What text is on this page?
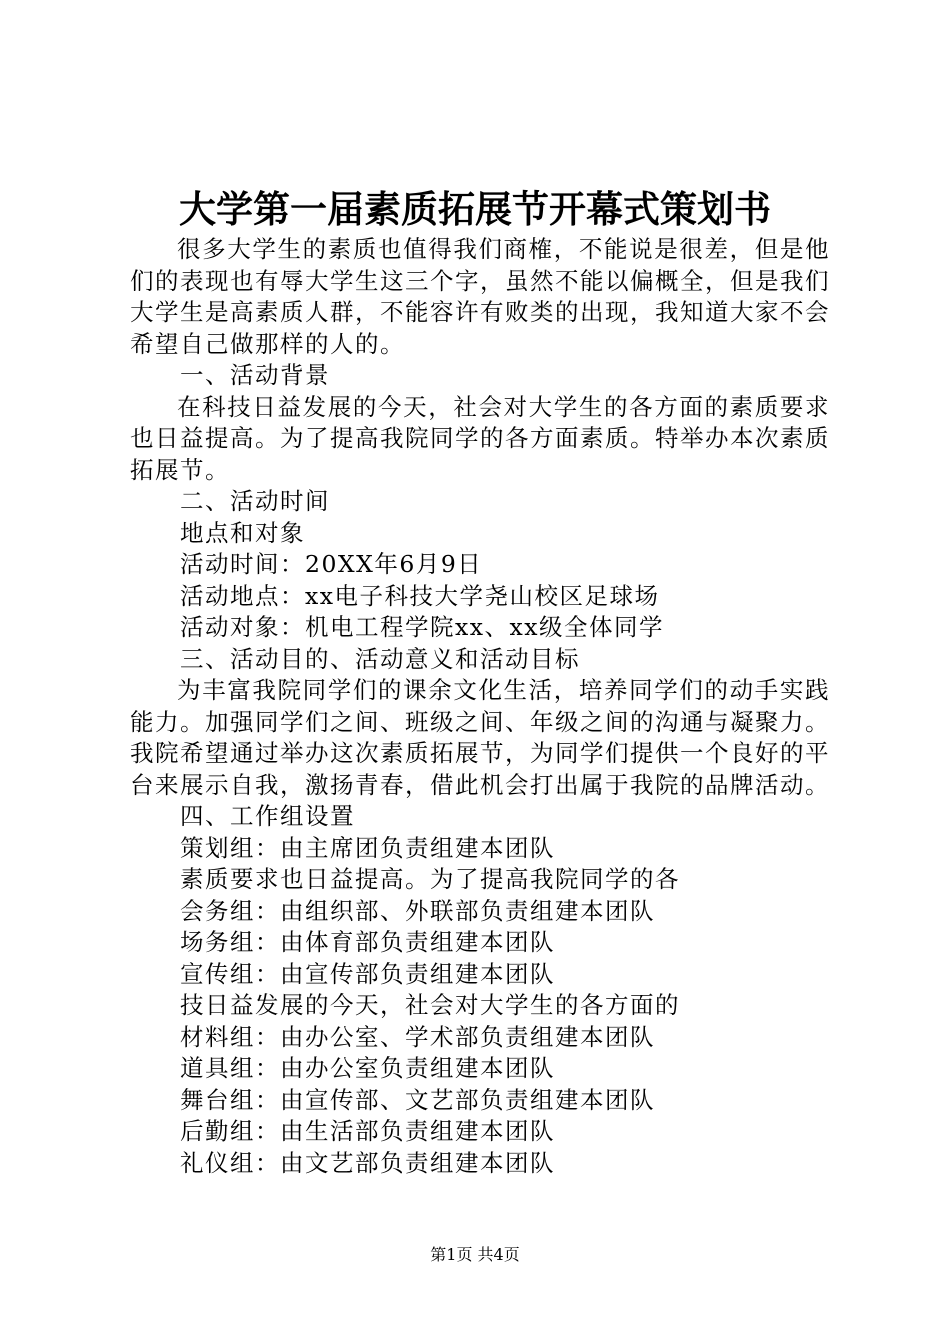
大学第一届素质拓展节开幕式策划书

很多大学生的素质也值得我们商榷，不能说是很差，但是他们的表现也有辱大学生这三个字，虽然不能以偏概全，但是我们大学生是高素质人群，不能容许有败类的出现，我知道大家不会希望自己做那样的人的。

一、活动背景

在科技日益发展的今天，社会对大学生的各方面的素质要求也日益提高。为了提高我院同学的各方面素质。特举办本次素质拓展节。

二、活动时间

地点和对象

活动时间：20XX年6月9日

活动地点：xx电子科技大学尧山校区足球场

活动对象：机电工程学院xx、xx级全体同学

三、活动目的、活动意义和活动目标

为丰富我院同学们的课余文化生活，培养同学们的动手实践能力。加强同学们之间、班级之间、年级之间的沟通与凝聚力。我院希望通过举办这次素质拓展节，为同学们提供一个良好的平台来展示自我，激扬青春，借此机会打出属于我院的品牌活动。

四、工作组设置

策划组：由主席团负责组建本团队

素质要求也日益提高。为了提高我院同学的各

会务组：由组织部、外联部负责组建本团队

场务组：由体育部负责组建本团队

宣传组：由宣传部负责组建本团队

技日益发展的今天，社会对大学生的各方面的

材料组：由办公室、学术部负责组建本团队

道具组：由办公室负责组建本团队

舞台组：由宣传部、文艺部负责组建本团队

后勤组：由生活部负责组建本团队

礼仪组：由文艺部负责组建本团队

第1页 共4页
